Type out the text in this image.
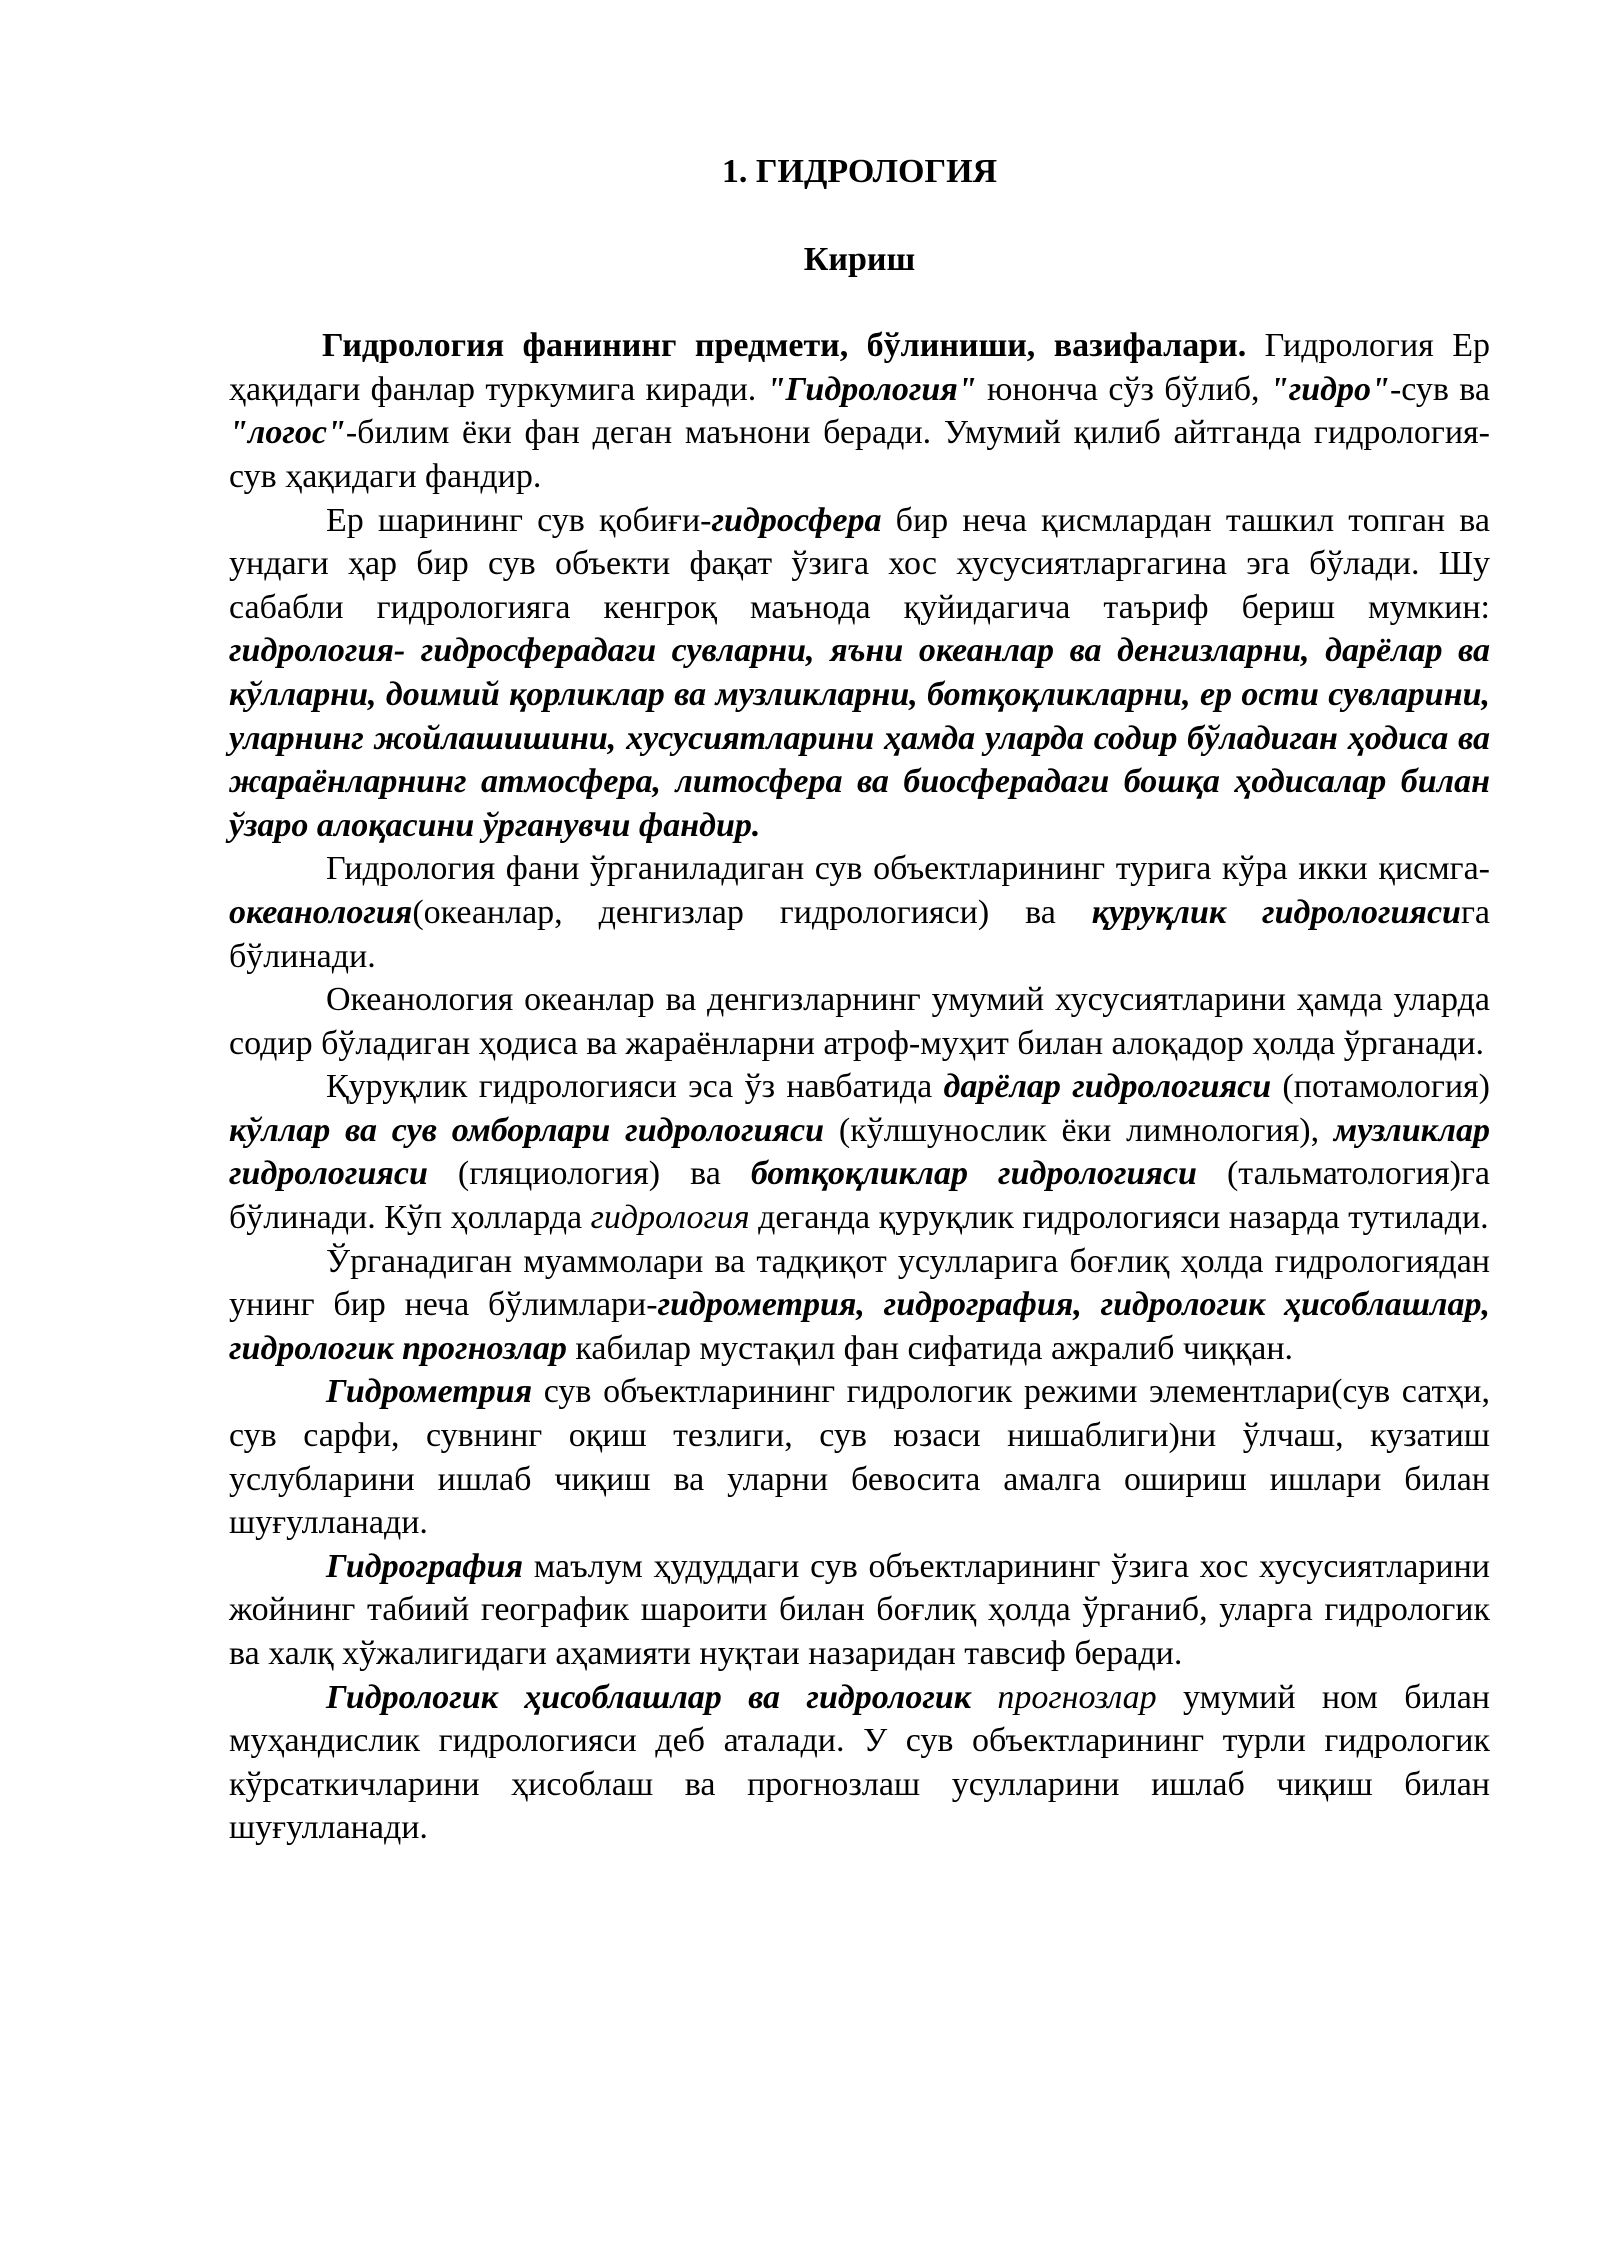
1. ГИДРОЛОГИЯ
Кириш

Гидрология фанининг предмети, бўлиниши, вазифалари. Гидрология Ер ҳақидаги фанлар туркумига киради. "Гидрология" юнонча сўз бўлиб, "гидро"-сув ва "логос"-билим ёки фан деган маънони беради. Умумий қилиб айтганда гидрология-сув ҳақидаги фандир.

Ер шарининг сув қобиғи-гидросфера бир неча қисмлардан ташкил топган ва ундаги ҳар бир сув объекти фақат ўзига хос хусусиятларгагина эга бўлади. Шу сабабли гидрологияга кенгроқ маънода қуйидагича таъриф бериш мумкин: гидрология- гидросферадаги сувларни, яъни океанлар ва денгизларни, дарёлар ва кўлларни, доимий қорликлар ва музликларни, ботқоқликларни, ер ости сувларини, уларнинг жойлашишини, хусусиятларини ҳамда уларда содир бўладиган ҳодиса ва жараёнларнинг атмосфера, литосфера ва биосферадаги бошқа ҳодисалар билан ўзаро алоқасини ўрганувчи фандир.

Гидрология фани ўрганиладиган сув объектларининг турига кўра икки қисмга-океанология(океанлар, денгизлар гидрологияси) ва қуруқлик гидрологиясига бўлинади.

Океанология океанлар ва денгизларнинг умумий хусусиятларини ҳамда уларда содир бўладиган ҳодиса ва жараёнларни атроф-муҳит билан алоқадор ҳолда ўрганади.

Қуруқлик гидрологияси эса ўз навбатида дарёлар гидрологияси (потамология) кўллар ва сув омборлари гидрологияси (кўлшунослик ёки лимнология), музликлар гидрологияси (гляциология) ва ботқоқликлар гидрологияси (тальматология)га бўлинади. Кўп ҳолларда гидрология деганда қуруқлик гидрологияси назарда тутилади.

Ўрганадиган муаммолари ва тадқиқот усулларига боғлиқ ҳолда гидрологиядан унинг бир неча бўлимлари-гидрометрия, гидрография, гидрологик ҳисоблашлар, гидрологик прогнозлар кабилар мустақил фан сифатида ажралиб чиққан.

Гидрометрия сув объектларининг гидрологик режими элементлари(сув сатҳи, сув сарфи, сувнинг оқиш тезлиги, сув юзаси нишаблиги)ни ўлчаш, кузатиш услубларини ишлаб чиқиш ва уларни бевосита амалга ошириш ишлари билан шуғулланади.

Гидрография маълум ҳудуддаги сув объектларининг ўзига хос хусусиятларини жойнинг табиий географик шароити билан боғлиқ ҳолда ўрганиб, уларга гидрологик ва халқ хўжалигидаги аҳамияти нуқтаи назаридан тавсиф беради.

Гидрологик ҳисоблашлар ва гидрологик прогнозлар умумий ном билан муҳандислик гидрологияси деб аталади. У сув объектларининг турли гидрологик кўрсаткичларини ҳисоблаш ва прогнозлаш усулларини ишлаб чиқиш билан шуғулланади.
